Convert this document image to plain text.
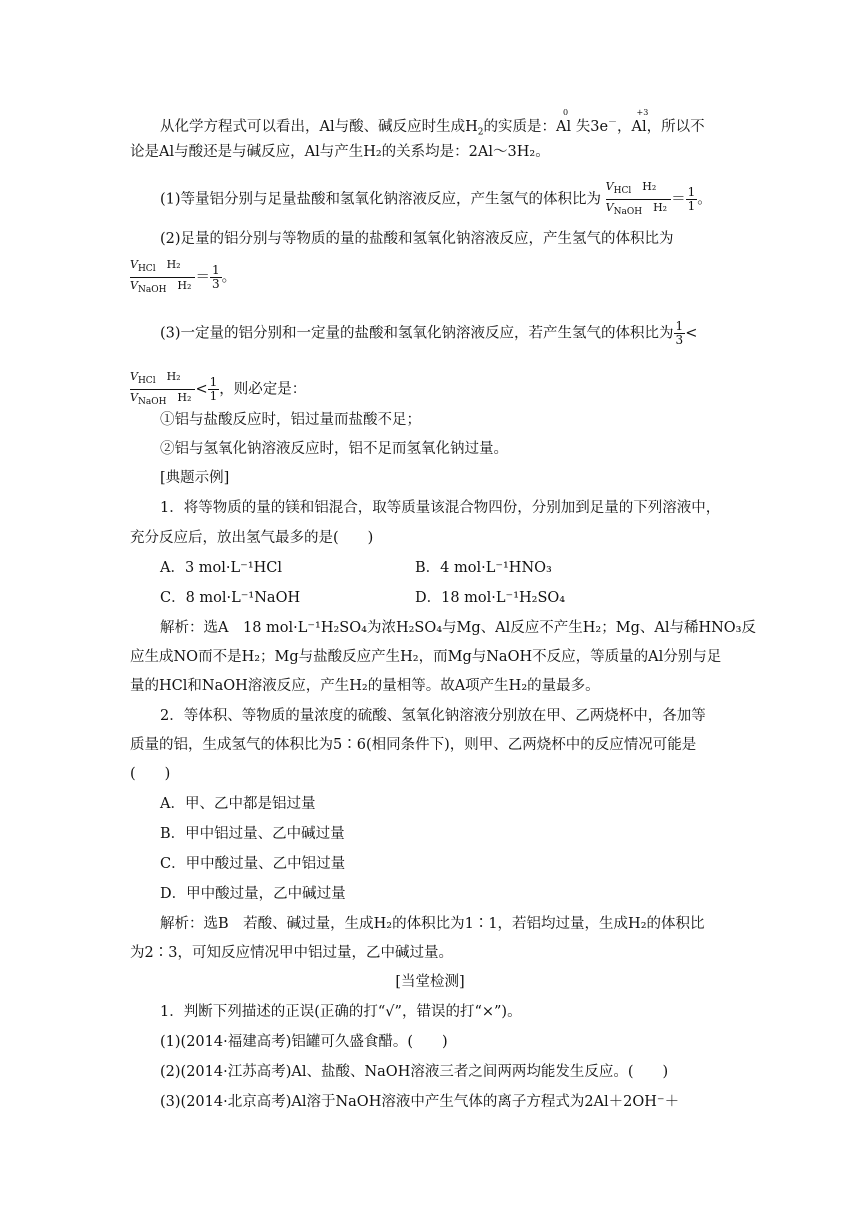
从化学方程式可以看出，Al与酸、碱反应时生成$H_2$的实质是：
0
Al 失3e－，
+3
Al，所以不
论是Al与酸还是与碱反应，Al与产生H₂的关系均是：2Al～3H₂。
(1)等量铝分别与足量盐酸和氢氧化钠溶液反应，产生氢气的体积比为 $\frac{V_{HCl} H_2}{V_{NaOH} H_2} = \frac{1}{1}$ 。
(2)足量的铝分别与等物质的量的盐酸和氢氧化钠溶液反应，产生氢气的体积比为
$\frac{V_{HCl} H_2}{V_{NaOH} H_2} = \frac{1}{3}$ 。
(3)一定量的铝分别和一定量的盐酸和氢氧化钠溶液反应，若产生氢气的体积比为 $\frac{1}{3}$ <
$\frac{V_{HCl} H_2}{V_{NaOH} H_2} < \frac{1}{1}$ ，则必定是：
①铝与盐酸反应时，铝过量而盐酸不足；
②铝与氢氧化钠溶液反应时，铝不足而氢氧化钠过量。
[典题示例]
1．将等物质的量的镁和铝混合，取等质量该混合物四份，分别加到足量的下列溶液中，
充分反应后，放出氢气最多的是(　　)
A．3 mol·L⁻¹HCl	B．4 mol·L⁻¹HNO₃
C．8 mol·L⁻¹NaOH	D．18 mol·L⁻¹H₂SO₄
解析：选A　18 mol·L⁻¹H₂SO₄为浓H₂SO₄与Mg、Al反应不产生H₂；Mg、Al与稀HNO₃反
应生成NO而不是H₂；Mg与盐酸反应产生H₂，而Mg与NaOH不反应，等质量的Al分别与足
量的HCl和NaOH溶液反应，产生H₂的量相等。故A项产生H₂的量最多。
2．等体积、等物质的量浓度的硫酸、氢氧化钠溶液分别放在甲、乙两烧杯中，各加等
质量的铝，生成氢气的体积比为5∶6(相同条件下)，则甲、乙两烧杯中的反应情况可能是
(　　)
A．甲、乙中都是铝过量
B．甲中铝过量、乙中碱过量
C．甲中酸过量、乙中铝过量
D．甲中酸过量，乙中碱过量
解析：选B　若酸、碱过量，生成H₂的体积比为1∶1，若铝均过量，生成H₂的体积比
为2∶3，可知反应情况甲中铝过量，乙中碱过量。
[当堂检测]
1．判断下列描述的正误(正确的打“√”，错误的打“×”)。
(1)(2014·福建高考)铝罐可久盛食醋。(　　)
(2)(2014·江苏高考)Al、盐酸、NaOH溶液三者之间两两均能发生反应。(　　)
(3)(2014·北京高考)Al溶于NaOH溶液中产生气体的离子方程式为2Al＋2OH⁻＋
